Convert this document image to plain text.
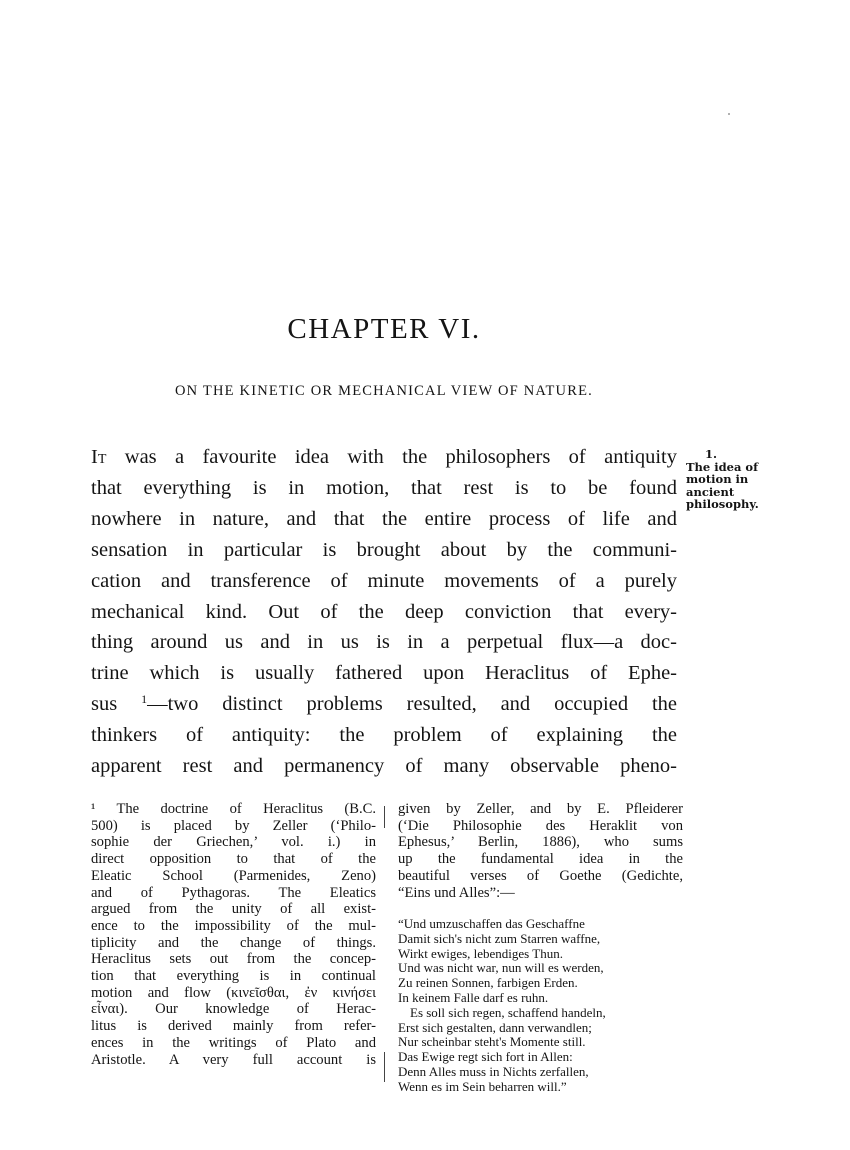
CHAPTER VI.
ON THE KINETIC OR MECHANICAL VIEW OF NATURE.
It was a favourite idea with the philosophers of antiquity
that everything is in motion, that rest is to be found
nowhere in nature, and that the entire process of life and
sensation in particular is brought about by the communi-
cation and transference of minute movements of a purely
mechanical kind. Out of the deep conviction that every-
thing around us and in us is in a perpetual flux—a doc-
trine which is usually fathered upon Heraclitus of Ephe-
sus $^1$—two distinct problems resulted, and occupied the
thinkers of antiquity: the problem of explaining the
apparent rest and permanency of many observable pheno-
1.
The idea of
motion in
ancient
philosophy.
¹ The doctrine of Heraclitus (B.C.
500) is placed by Zeller (‘Philo-
sophie der Griechen,’ vol. i.) in
direct opposition to that of the
Eleatic School (Parmenides, Zeno)
and of Pythagoras. The Eleatics
argued from the unity of all exist-
ence to the impossibility of the mul-
tiplicity and the change of things.
Heraclitus sets out from the concep-
tion that everything is in continual
motion and flow (κινεῖσθαι, ἐν κινήσει
εἶναι). Our knowledge of Herac-
litus is derived mainly from refer-
ences in the writings of Plato and
Aristotle. A very full account is
given by Zeller, and by E. Pfleiderer
(‘Die Philosophie des Heraklit von
Ephesus,’ Berlin, 1886), who sums
up the fundamental idea in the
beautiful verses of Goethe (Gedichte,
“Eins und Alles”:—
“Und umzuschaffen das Geschaffne
Damit sich's nicht zum Starren waffne,
Wirkt ewiges, lebendiges Thun.
Und was nicht war, nun will es werden,
Zu reinen Sonnen, farbigen Erden.
In keinem Falle darf es ruhn.
Es soll sich regen, schaffend handeln,
Erst sich gestalten, dann verwandlen;
Nur scheinbar steht's Momente still.
Das Ewige regt sich fort in Allen:
Denn Alles muss in Nichts zerfallen,
Wenn es im Sein beharren will.”
